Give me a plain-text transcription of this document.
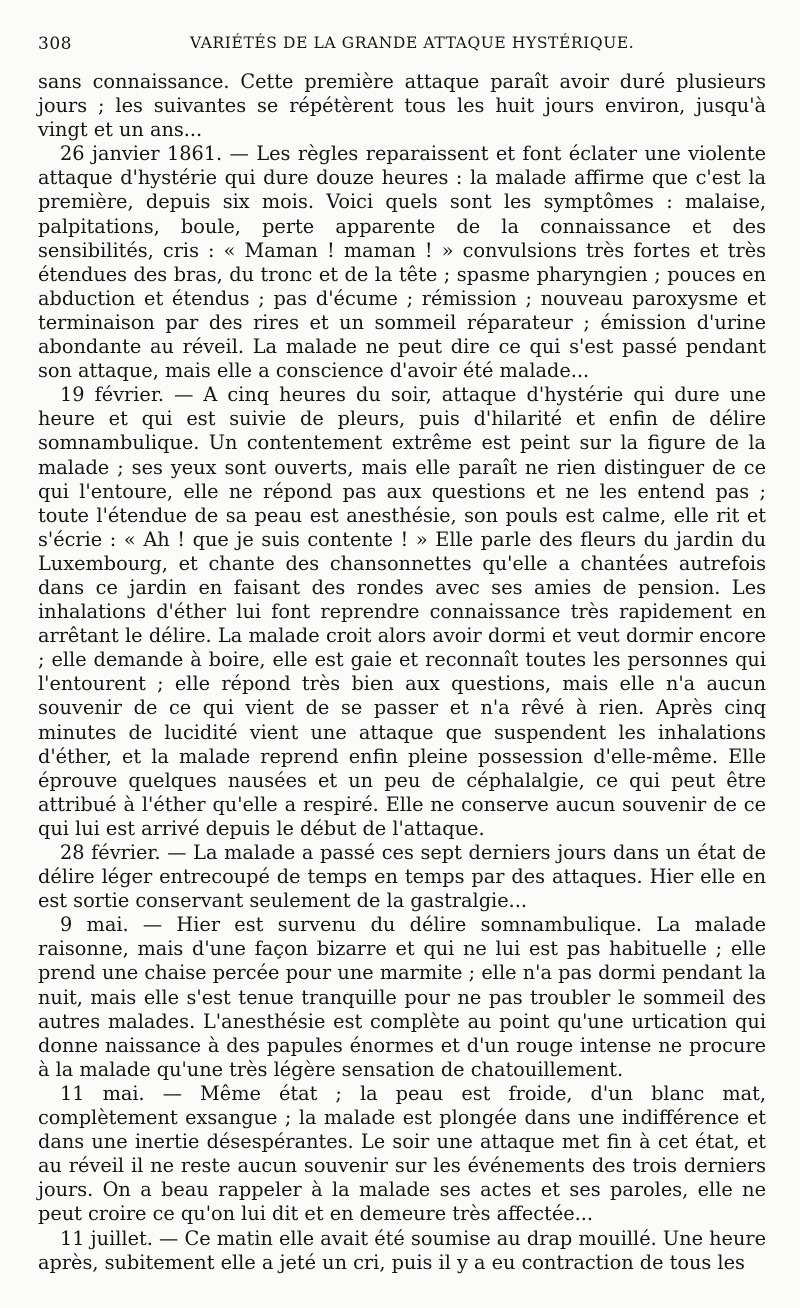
308	VARIÉTÉS DE LA GRANDE ATTAQUE HYSTÉRIQUE.

sans connaissance. Cette première attaque paraît avoir duré plusieurs jours ; les suivantes se répétèrent tous les huit jours environ, jusqu'à vingt et un ans...

26 janvier 1861. — Les règles reparaissent et font éclater une violente attaque d'hystérie qui dure douze heures : la malade affirme que c'est la première, depuis six mois. Voici quels sont les symptômes : malaise, palpitations, boule, perte apparente de la connaissance et des sensibilités, cris : « Maman ! maman ! » convulsions très fortes et très étendues des bras, du tronc et de la tête ; spasme pharyngien ; pouces en abduction et étendus ; pas d'écume ; rémission ; nouveau paroxysme et terminaison par des rires et un sommeil réparateur ; émission d'urine abondante au réveil. La malade ne peut dire ce qui s'est passé pendant son attaque, mais elle a conscience d'avoir été malade...

19 février. — A cinq heures du soir, attaque d'hystérie qui dure une heure et qui est suivie de pleurs, puis d'hilarité et enfin de délire somnambulique. Un contentement extrême est peint sur la figure de la malade ; ses yeux sont ouverts, mais elle paraît ne rien distinguer de ce qui l'entoure, elle ne répond pas aux questions et ne les entend pas ; toute l'étendue de sa peau est anesthésie, son pouls est calme, elle rit et s'écrie : « Ah ! que je suis contente ! » Elle parle des fleurs du jardin du Luxembourg, et chante des chansonnettes qu'elle a chantées autrefois dans ce jardin en faisant des rondes avec ses amies de pension. Les inhalations d'éther lui font reprendre connaissance très rapidement en arrêtant le délire. La malade croit alors avoir dormi et veut dormir encore ; elle demande à boire, elle est gaie et reconnaît toutes les personnes qui l'entourent ; elle répond très bien aux questions, mais elle n'a aucun souvenir de ce qui vient de se passer et n'a rêvé à rien. Après cinq minutes de lucidité vient une attaque que suspendent les inhalations d'éther, et la malade reprend enfin pleine possession d'elle-même. Elle éprouve quelques nausées et un peu de céphalalgie, ce qui peut être attribué à l'éther qu'elle a respiré. Elle ne conserve aucun souvenir de ce qui lui est arrivé depuis le début de l'attaque.

28 février. — La malade a passé ces sept derniers jours dans un état de délire léger entrecoupé de temps en temps par des attaques. Hier elle en est sortie conservant seulement de la gastralgie...

9 mai. — Hier est survenu du délire somnambulique. La malade raisonne, mais d'une façon bizarre et qui ne lui est pas habituelle ; elle prend une chaise percée pour une marmite ; elle n'a pas dormi pendant la nuit, mais elle s'est tenue tranquille pour ne pas troubler le sommeil des autres malades. L'anesthésie est complète au point qu'une urtication qui donne naissance à des papules énormes et d'un rouge intense ne procure à la malade qu'une très légère sensation de chatouillement.

11 mai. — Même état ; la peau est froide, d'un blanc mat, complètement exsangue ; la malade est plongée dans une indifférence et dans une inertie désespérantes. Le soir une attaque met fin à cet état, et au réveil il ne reste aucun souvenir sur les événements des trois derniers jours. On a beau rappeler à la malade ses actes et ses paroles, elle ne peut croire ce qu'on lui dit et en demeure très affectée...

11 juillet. — Ce matin elle avait été soumise au drap mouillé. Une heure après, subitement elle a jeté un cri, puis il y a eu contraction de tous les
